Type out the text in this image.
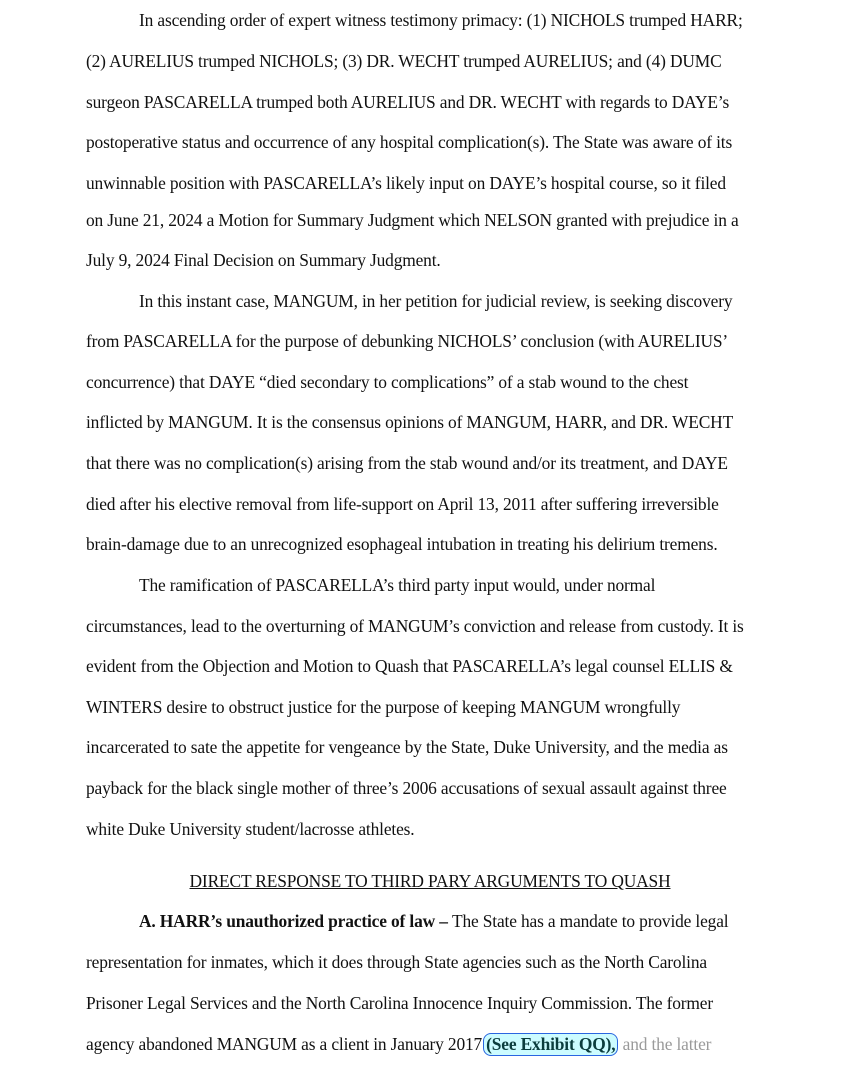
In ascending order of expert witness testimony primacy: (1) NICHOLS trumped HARR;
(2) AURELIUS trumped NICHOLS; (3) DR. WECHT trumped AURELIUS; and (4) DUMC
surgeon PASCARELLA trumped both AURELIUS and DR. WECHT with regards to DAYE’s
postoperative status and occurrence of any hospital complication(s). The State was aware of its
unwinnable position with PASCARELLA’s likely input on DAYE’s hospital course, so it filed
on June 21, 2024 a Motion for Summary Judgment which NELSON granted with prejudice in a
July 9, 2024 Final Decision on Summary Judgment.
In this instant case, MANGUM, in her petition for judicial review, is seeking discovery
from PASCARELLA for the purpose of debunking NICHOLS’ conclusion (with AURELIUS’
concurrence) that DAYE “died secondary to complications” of a stab wound to the chest
inflicted by MANGUM. It is the consensus opinions of MANGUM, HARR, and DR. WECHT
that there was no complication(s) arising from the stab wound and/or its treatment, and DAYE
died after his elective removal from life-support on April 13, 2011 after suffering irreversible
brain-damage due to an unrecognized esophageal intubation in treating his delirium tremens.
The ramification of PASCARELLA’s third party input would, under normal
circumstances, lead to the overturning of MANGUM’s conviction and release from custody. It is
evident from the Objection and Motion to Quash that PASCARELLA’s legal counsel ELLIS &
WINTERS desire to obstruct justice for the purpose of keeping MANGUM wrongfully
incarcerated to sate the appetite for vengeance by the State, Duke University, and the media as
payback for the black single mother of three’s 2006 accusations of sexual assault against three
white Duke University student/lacrosse athletes.
DIRECT RESPONSE TO THIRD PARY ARGUMENTS TO QUASH
A. HARR’s unauthorized practice of law – The State has a mandate to provide legal
representation for inmates, which it does through State agencies such as the North Carolina
Prisoner Legal Services and the North Carolina Innocence Inquiry Commission. The former
agency abandoned MANGUM as a client in January 2017 (See Exhibit QQ), and the latter
